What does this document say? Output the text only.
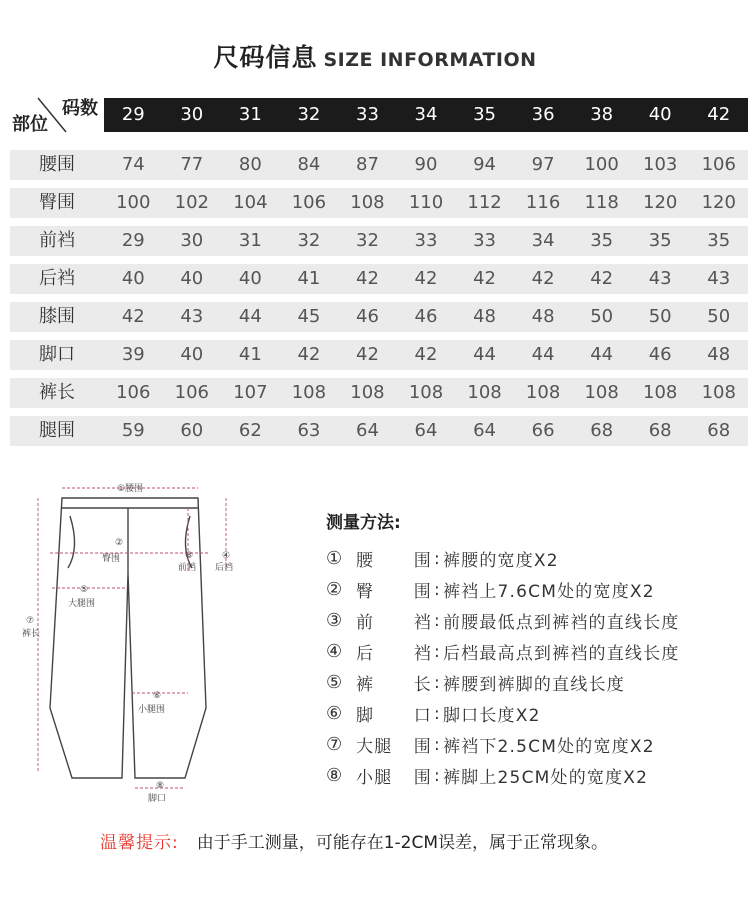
尺码信息 SIZE INFORMATION
码数
部位	29	30	31	32	33	34	35	36	38	40	42
腰围	74	77	80	84	87	90	94	97	100	103	106
臀围	100	102	104	106	108	110	112	116	118	120	120
前裆	29	30	31	32	32	33	33	34	35	35	35
后裆	40	40	40	41	42	42	42	42	42	43	43
膝围	42	43	44	45	46	46	48	48	50	50	50
脚口	39	40	41	42	42	42	44	44	44	46	48
裤长	106	106	107	108	108	108	108	108	108	108	108
腿围	59	60	62	63	64	64	64	66	68	68	68
①腰围
②
臀围	③
前裆
④
后裆
⑤
大腿围
⑥
小腿围
⑦
裤长
⑧
脚口
测量方法:
① 腰 围 : 裤腰的宽度X2
② 臀 围 : 裤裆上7.6CM处的宽度X2
③ 前 裆 : 前腰最低点到裤裆的直线长度
④ 后 裆 : 后档最高点到裤裆的直线长度
⑤ 裤 长 : 裤腰到裤脚的直线长度
⑥ 脚 口 : 脚口长度X2
⑦ 大腿 围 : 裤裆下2.5CM处的宽度X2
⑧ 小腿 围 : 裤脚上25CM处的宽度X2
温馨提示: 由于手工测量，可能存在1-2CM误差，属于正常现象。
